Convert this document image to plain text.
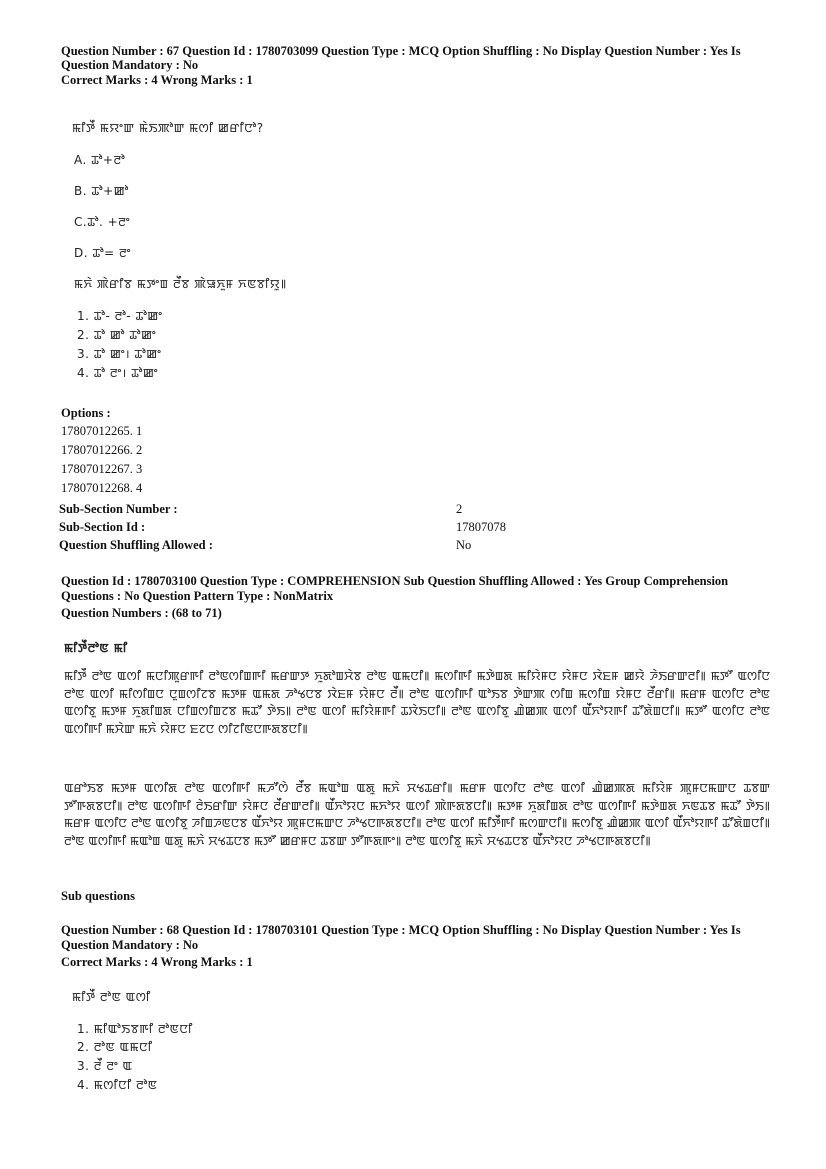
Question Number : 67 Question Id : 1780703099 Question Type : MCQ Option Shuffling : No Display Question Number : Yes Is
Question Mandatory : No
Correct Marks : 4 Wrong Marks : 1
ꯃꯤꯇꯩ ꯃꯌꯦꯛ ꯃꯥꯏꯄꯣꯛ ꯃꯁꯤ ꯀꯔꯤꯅꯣ?
A. ꯊꯣ+ꯂꯣ
B. ꯊꯣ+ꯀꯣ
C.ꯊꯣ. +ꯂꯦ
D. ꯊꯣ= ꯂꯦ
ꯃꯈꯥ ꯄꯥꯔꯤꯕ ꯃꯇꯦꯡ ꯂꯩꯕ ꯄꯥꯎꯈꯨꯝ ꯈꯟꯕꯤꯌꯨ꯫
1. ꯊꯣ- ꯂꯣ- ꯊꯣꯀꯦ
2. ꯊꯣ ꯀꯣ ꯊꯣꯀꯦ
3. ꯊꯣ ꯀꯦ। ꯊꯣꯀꯦ
4. ꯊꯣ ꯂꯦ। ꯊꯣꯀꯦ
Options :
17807012265. 1
17807012266. 2
17807012267. 3
17807012268. 4
Sub-Section Number :	2
Sub-Section Id :	17807078
Question Shuffling Allowed :	No
Question Id : 1780703100 Question Type : COMPREHENSION Sub Question Shuffling Allowed : Yes Group Comprehension
Questions : No Question Pattern Type : NonMatrix
Question Numbers : (68 to 71)
ꯃꯤꯇꯩꯂꯣꯟ ꯃꯤ
ꯃꯤꯇꯩ ꯂꯣꯟ ꯑꯁꯤ ꯃꯅꯤꯄꯨꯔꯒꯤ ꯂꯣꯟꯁꯤꯡꯒꯤ ꯃꯔꯛꯇ ꯈꯨꯗꯣꯡꯆꯥꯕ ꯂꯣꯟ ꯑꯃꯅꯤ꯫ ꯃꯁꯤꯒꯤ ꯃꯇꯥꯡꯗ ꯃꯤꯌꯥꯝꯅ ꯌꯥꯝꯅ ꯋꯥꯐꯝ ꯀꯌꯥ ꯍꯥꯏꯔꯛꯂꯤ꯫ ꯃꯇꯧ ꯑꯁꯤꯅ ꯂꯣꯟ ꯑꯁꯤ ꯃꯤꯁꯤꯡꯅ ꯅꯨꯡꯁꯤꯖꯕ ꯃꯇꯝ ꯑꯃꯗ ꯍꯣꯠꯅꯕ ꯋꯥꯐꯝ ꯌꯥꯝꯅ ꯂꯩ꯫ ꯂꯣꯟ ꯑꯁꯤꯒꯤ ꯑꯣꯏꯕ ꯇꯥꯛꯄ ꯁꯤꯡ ꯃꯁꯤꯡ ꯌꯥꯝꯅ ꯂꯩꯔꯤ꯫ ꯃꯔꯝ ꯑꯁꯤꯅ ꯂꯣꯟ ꯑꯁꯤꯕꯨ ꯃꯇꯝ ꯈꯨꯗꯤꯡꯗ ꯅꯤꯡꯁꯤꯡꯖꯕ ꯃꯊꯧ ꯇꯥꯏ꯫ ꯂꯣꯟ ꯑꯁꯤ ꯃꯤꯌꯥꯝꯒꯤ ꯊꯋꯥꯏꯅꯤ꯫ ꯂꯣꯟ ꯑꯁꯤꯕꯨ ꯉꯥꯀꯄ ꯑꯁꯤ ꯑꯩꯈꯣꯌꯒꯤ ꯊꯧꯗꯥꯡꯅꯤ꯫ ꯃꯇꯧ ꯑꯁꯤꯅ ꯂꯣꯟ ꯑꯁꯤꯒꯤ ꯃꯆꯥꯛ ꯃꯈꯥ ꯌꯥꯝꯅ ꯐꯖꯅ ꯁꯤꯖꯤꯟꯅꯒꯗꯕꯅꯤ꯫
ꯑꯔꯣꯏꯕ ꯃꯇꯝ ꯑꯁꯤꯗ ꯂꯣꯟ ꯑꯁꯤꯒꯤ ꯃꯍꯧꯁꯥ ꯂꯩꯕ ꯃꯑꯣꯡ ꯑꯗꯨ ꯃꯈꯥ ꯆꯠꯊꯔꯤ꯫ ꯃꯔꯝ ꯑꯁꯤꯅ ꯂꯣꯟ ꯑꯁꯤ ꯉꯥꯀꯄꯗ ꯃꯤꯌꯥꯝ ꯄꯨꯝꯅꯃꯛꯅ ꯊꯕꯛ ꯇꯧꯒꯗꯕꯅꯤ꯫ ꯂꯣꯟ ꯑꯁꯤꯒꯤ ꯂꯥꯏꯔꯤꯛ ꯌꯥꯝꯅ ꯂꯩꯔꯛꯂꯤ꯫ ꯑꯩꯈꯣꯌꯅ ꯃꯈꯣꯌ ꯑꯁꯤ ꯄꯥꯒꯗꯕꯅꯤ꯫ ꯃꯇꯝ ꯈꯨꯗꯤꯡꯗ ꯂꯣꯟ ꯑꯁꯤꯒꯤ ꯃꯇꯥꯡꯗ ꯈꯟꯊꯕ ꯃꯊꯧ ꯇꯥꯏ꯫ ꯃꯔꯝ ꯑꯁꯤꯅ ꯂꯣꯟ ꯑꯁꯤꯕꯨ ꯍꯤꯡꯍꯟꯅꯕ ꯑꯩꯈꯣꯌ ꯄꯨꯝꯅꯃꯛꯅ ꯍꯣꯠꯅꯒꯗꯕꯅꯤ꯫ ꯂꯣꯟ ꯑꯁꯤ ꯃꯤꯇꯩꯒꯤ ꯃꯁꯛꯅꯤ꯫ ꯃꯁꯤꯕꯨ ꯉꯥꯀꯄ ꯑꯁꯤ ꯑꯩꯈꯣꯌꯒꯤ ꯊꯧꯗꯥꯡꯅꯤ꯫ ꯂꯣꯟ ꯑꯁꯤꯒꯤ ꯃꯑꯣꯡ ꯑꯗꯨ ꯃꯈꯥ ꯆꯠꯊꯅꯕ ꯃꯇꯧ ꯀꯔꯝꯅ ꯊꯕꯛ ꯇꯧꯒꯗꯒꯦ꯫ ꯂꯣꯟ ꯑꯁꯤꯕꯨ ꯃꯈꯥ ꯆꯠꯊꯅꯕ ꯑꯩꯈꯣꯌꯅ ꯍꯣꯠꯅꯒꯗꯕꯅꯤ꯫
Sub questions
Question Number : 68 Question Id : 1780703101 Question Type : MCQ Option Shuffling : No Display Question Number : Yes Is
Question Mandatory : No
Correct Marks : 4 Wrong Marks : 1
ꯃꯤꯇꯩ ꯂꯣꯟ ꯑꯁꯤ
1. ꯃꯤꯑꯣꯏꯕꯒꯤ ꯂꯣꯟꯅꯤ
2. ꯂꯣꯟ ꯑꯃꯅꯤ
3. ꯂꯩ ꯂꯦ ꯑ
4. ꯃꯁꯤꯅꯤ ꯂꯣꯟ
